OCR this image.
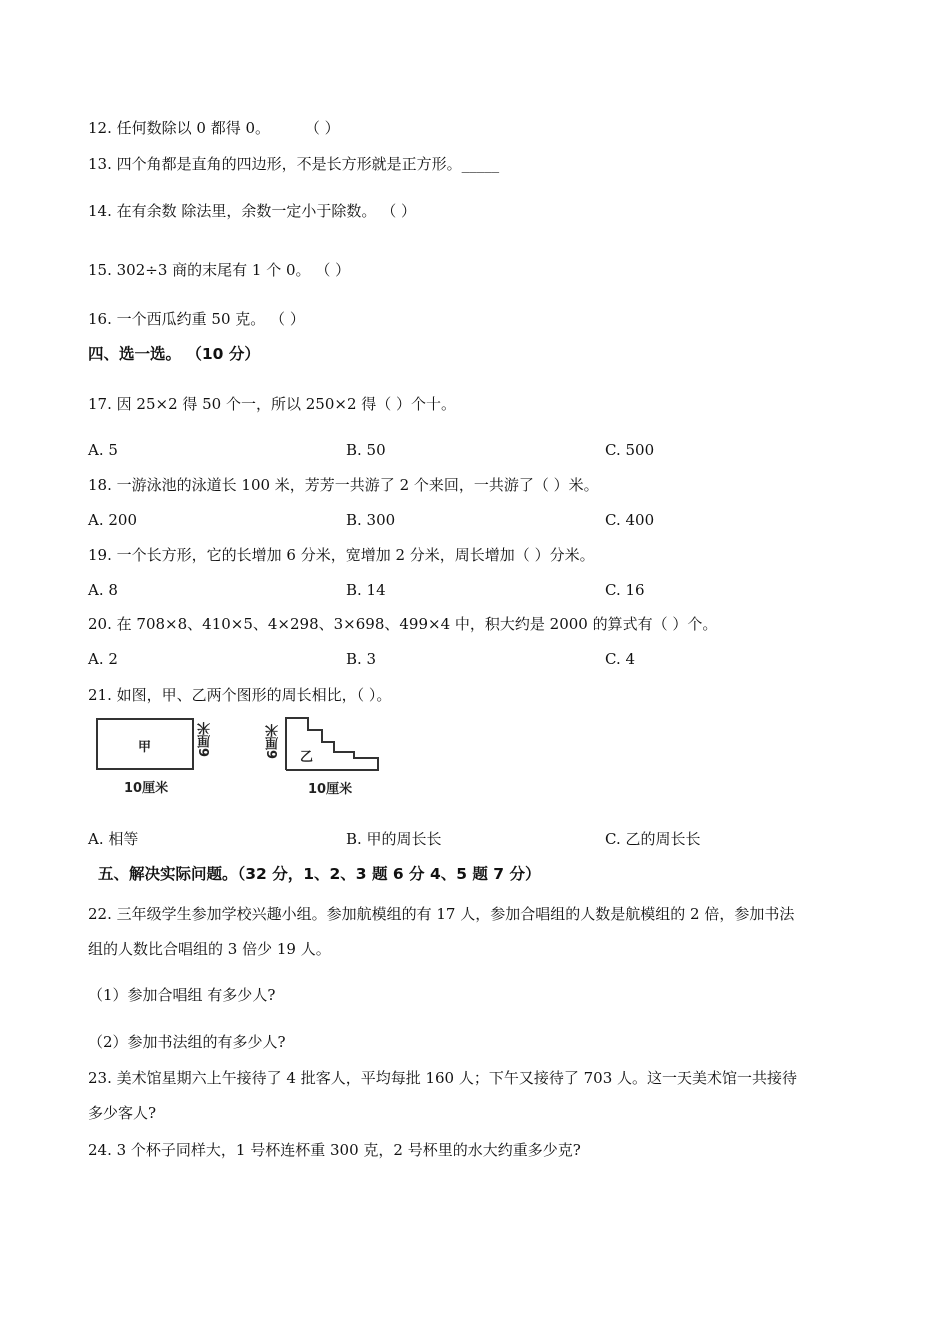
12. 任何数除以 0 都得 0。 （ ）
13. 四个角都是直角的四边形，不是长方形就是正方形。_____
14. 在有余数 除法里，余数一定小于除数。 （ ）
15. 302÷3 商的末尾有 1 个 0。 （ ）
16. 一个西瓜约重 50 克。 （ ）
四、选一选。 （10 分）
17. 因 25×2 得 50 个一，所以 250×2 得（ ）个十。
A. 5	B. 50	C. 500
18. 一游泳池的泳道长 100 米，芳芳一共游了 2 个来回，一共游了（ ）米。
A. 200	B. 300	C. 400
19. 一个长方形，它的长增加 6 分米，宽增加 2 分米，周长增加（ ）分米。
A. 8	B. 14	C. 16
20. 在 708×8、410×5、4×298、3×698、499×4 中，积大约是 2000 的算式有（ ）个。
A. 2	B. 3	C. 4
21. 如图，甲、乙两个图形的周长相比，（ ）。
甲	6厘米
10厘米
乙
6厘米
10厘米
A. 相等	B. 甲的周长长	C. 乙的周长长
五、解决实际问题。（32 分，1、2、3 题 6 分 4、5 题 7 分）
22. 三年级学生参加学校兴趣小组。参加航模组的有 17 人，参加合唱组的人数是航模组的 2 倍，参加书法
组的人数比合唱组的 3 倍少 19 人。
（1）参加合唱组 有多少人?
（2）参加书法组的有多少人?
23. 美术馆星期六上午接待了 4 批客人，平均每批 160 人；下午又接待了 703 人。这一天美术馆一共接待
多少客人?
24. 3 个杯子同样大，1 号杯连杯重 300 克，2 号杯里的水大约重多少克?
